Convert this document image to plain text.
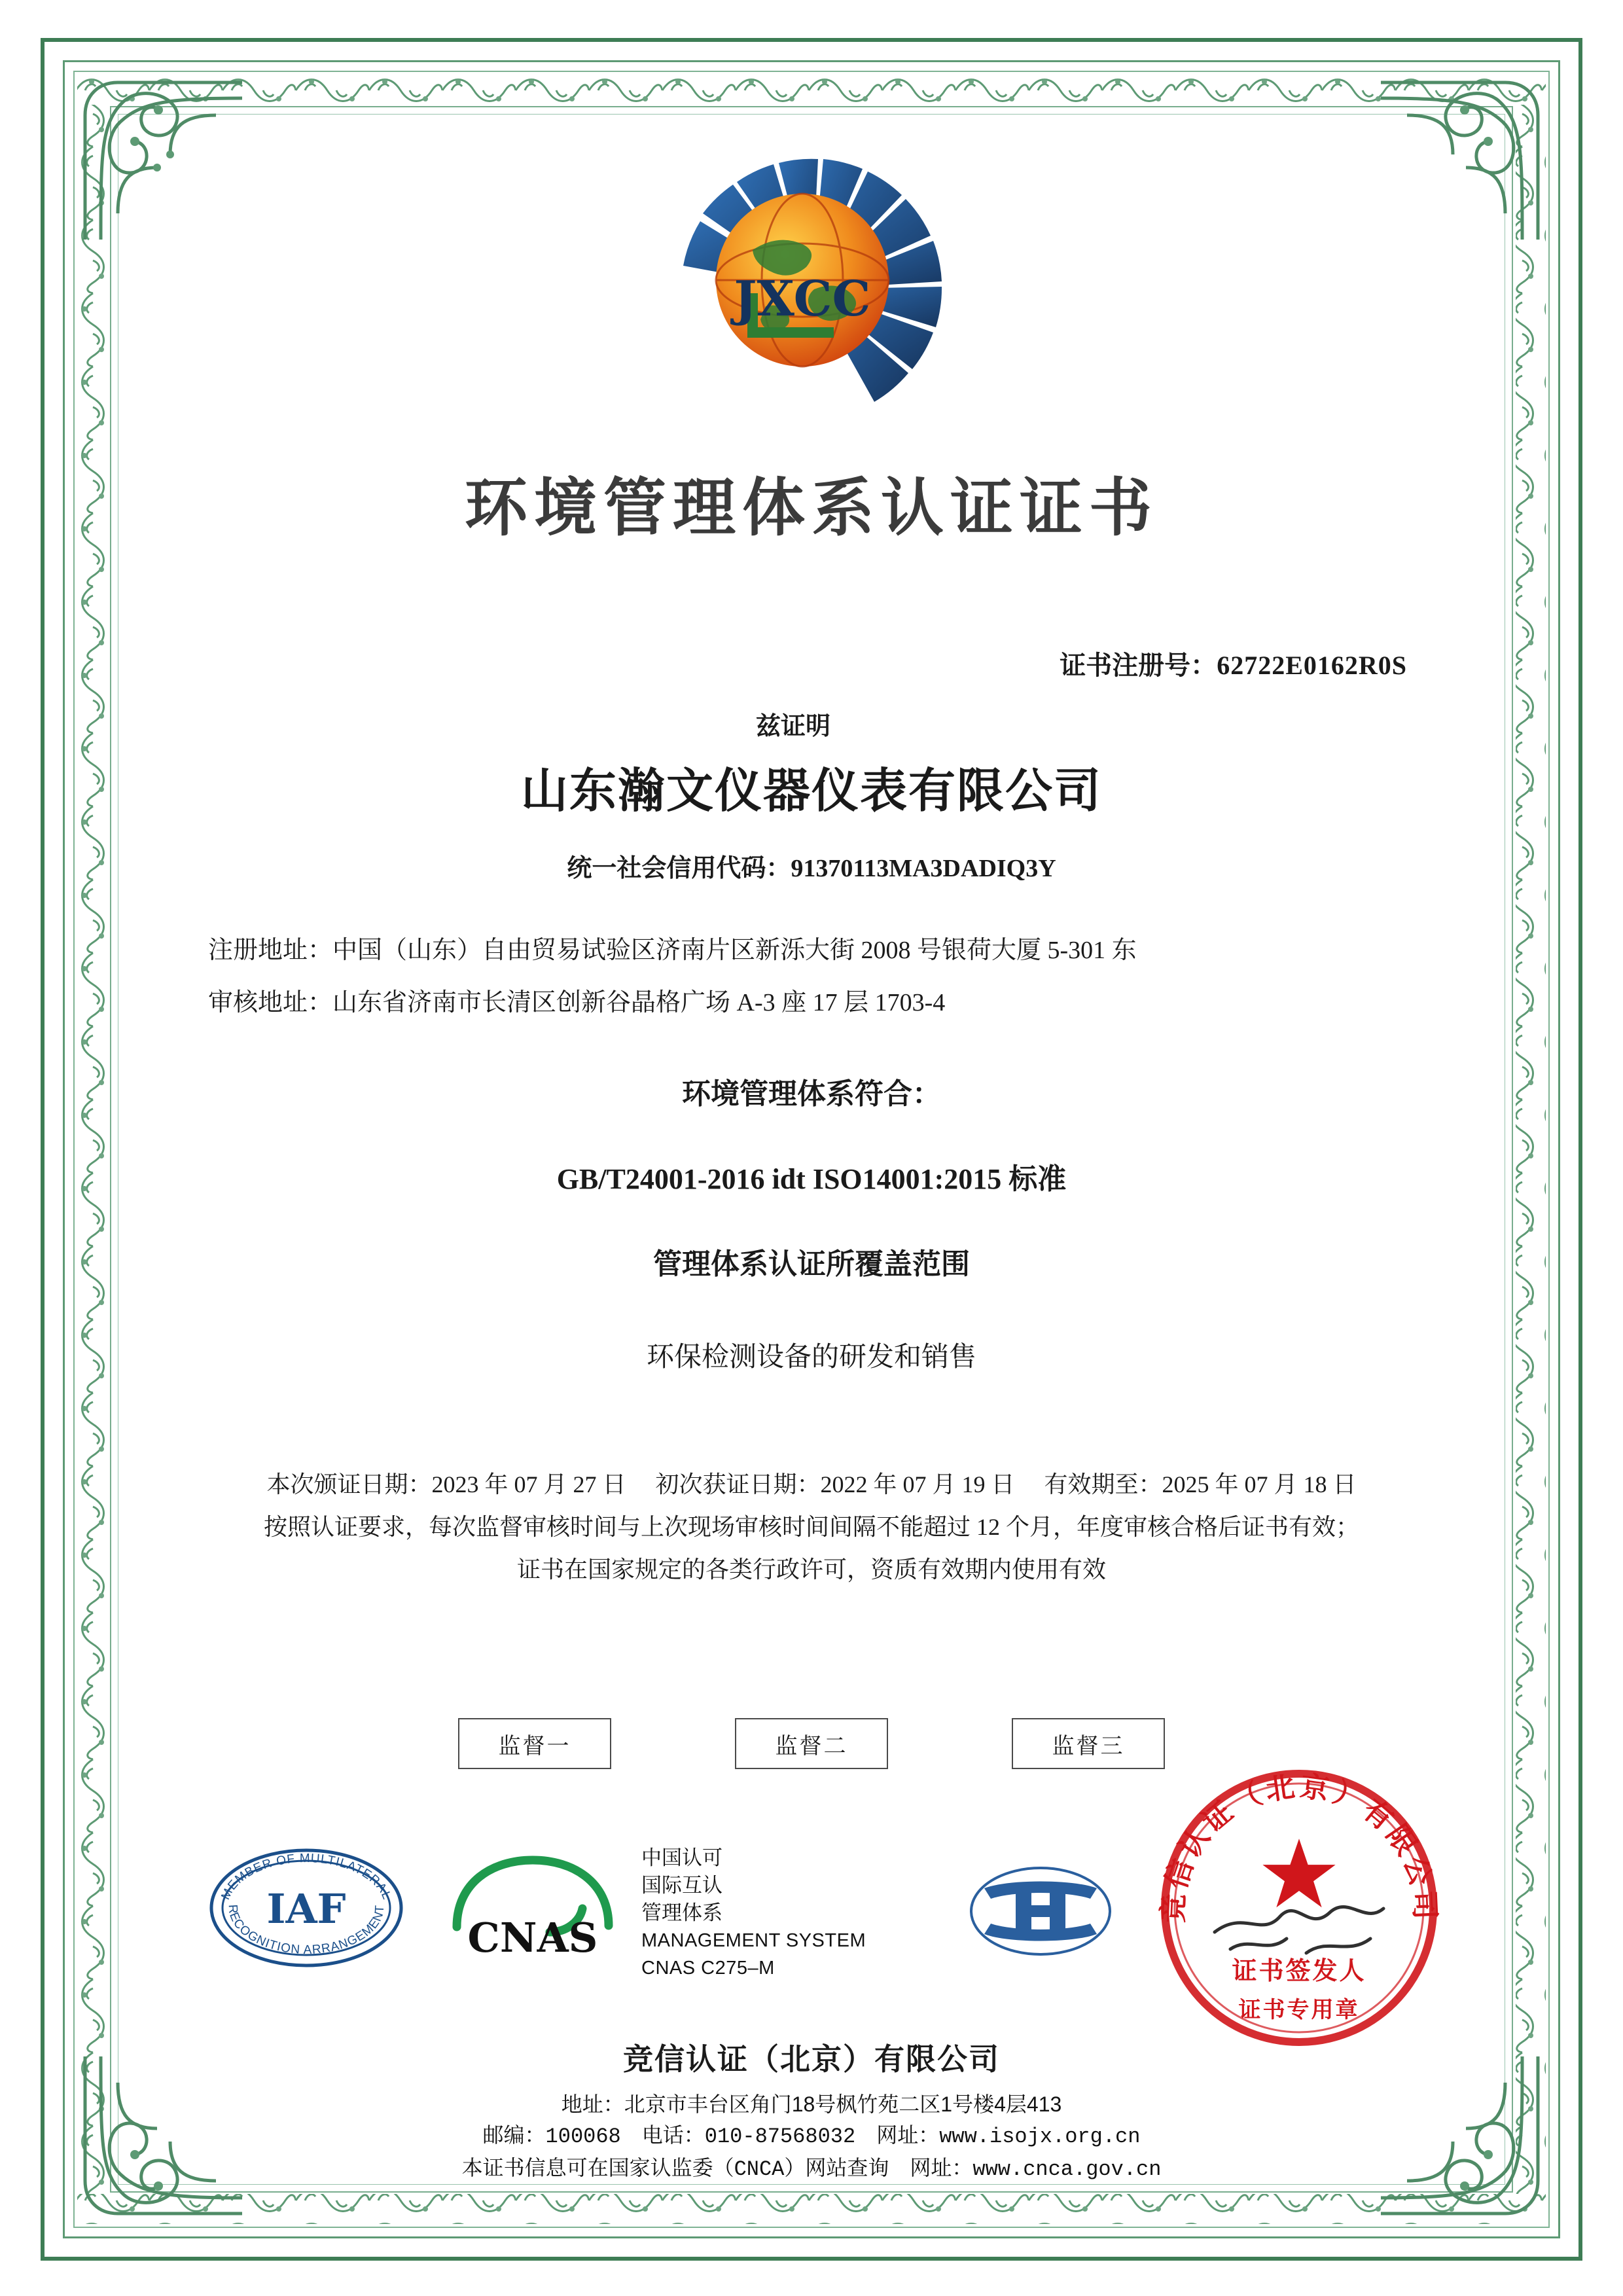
JXCC
环境管理体系认证证书
证书注册号：62722E0162R0S
兹证明
山东瀚文仪器仪表有限公司
统一社会信用代码：91370113MA3DADIQ3Y
注册地址：中国（山东）自由贸易试验区济南片区新泺大街 2008 号银荷大厦 5-301 东
审核地址：山东省济南市长清区创新谷晶格广场 A-3 座 17 层 1703-4
环境管理体系符合：
GB/T24001-2016 idt ISO14001:2015 标准
管理体系认证所覆盖范围
环保检测设备的研发和销售
本次颁证日期：2023 年 07 月 27 日　 初次获证日期：2022 年 07 月 19 日　 有效期至：2025 年 07 月 18 日
按照认证要求，每次监督审核时间与上次现场审核时间间隔不能超过 12 个月，年度审核合格后证书有效；
证书在国家规定的各类行政许可，资质有效期内使用有效
监督一	监督二	监督三
MEMBER OF MULTILATERAL
RECOGNITION ARRANGEMENT
IAF
CNAS
中国认可
国际互认
管理体系
MANAGEMENT SYSTEM
CNAS C275–M
竞信认证（北京）有限公司
证书签发人
证书专用章
竞信认证（北京）有限公司
地址：北京市丰台区角门18号枫竹苑二区1号楼4层413
邮编：100068　电话：010-87568032　网址：www.isojx.org.cn
本证书信息可在国家认监委（CNCA）网站查询　网址：www.cnca.gov.cn
